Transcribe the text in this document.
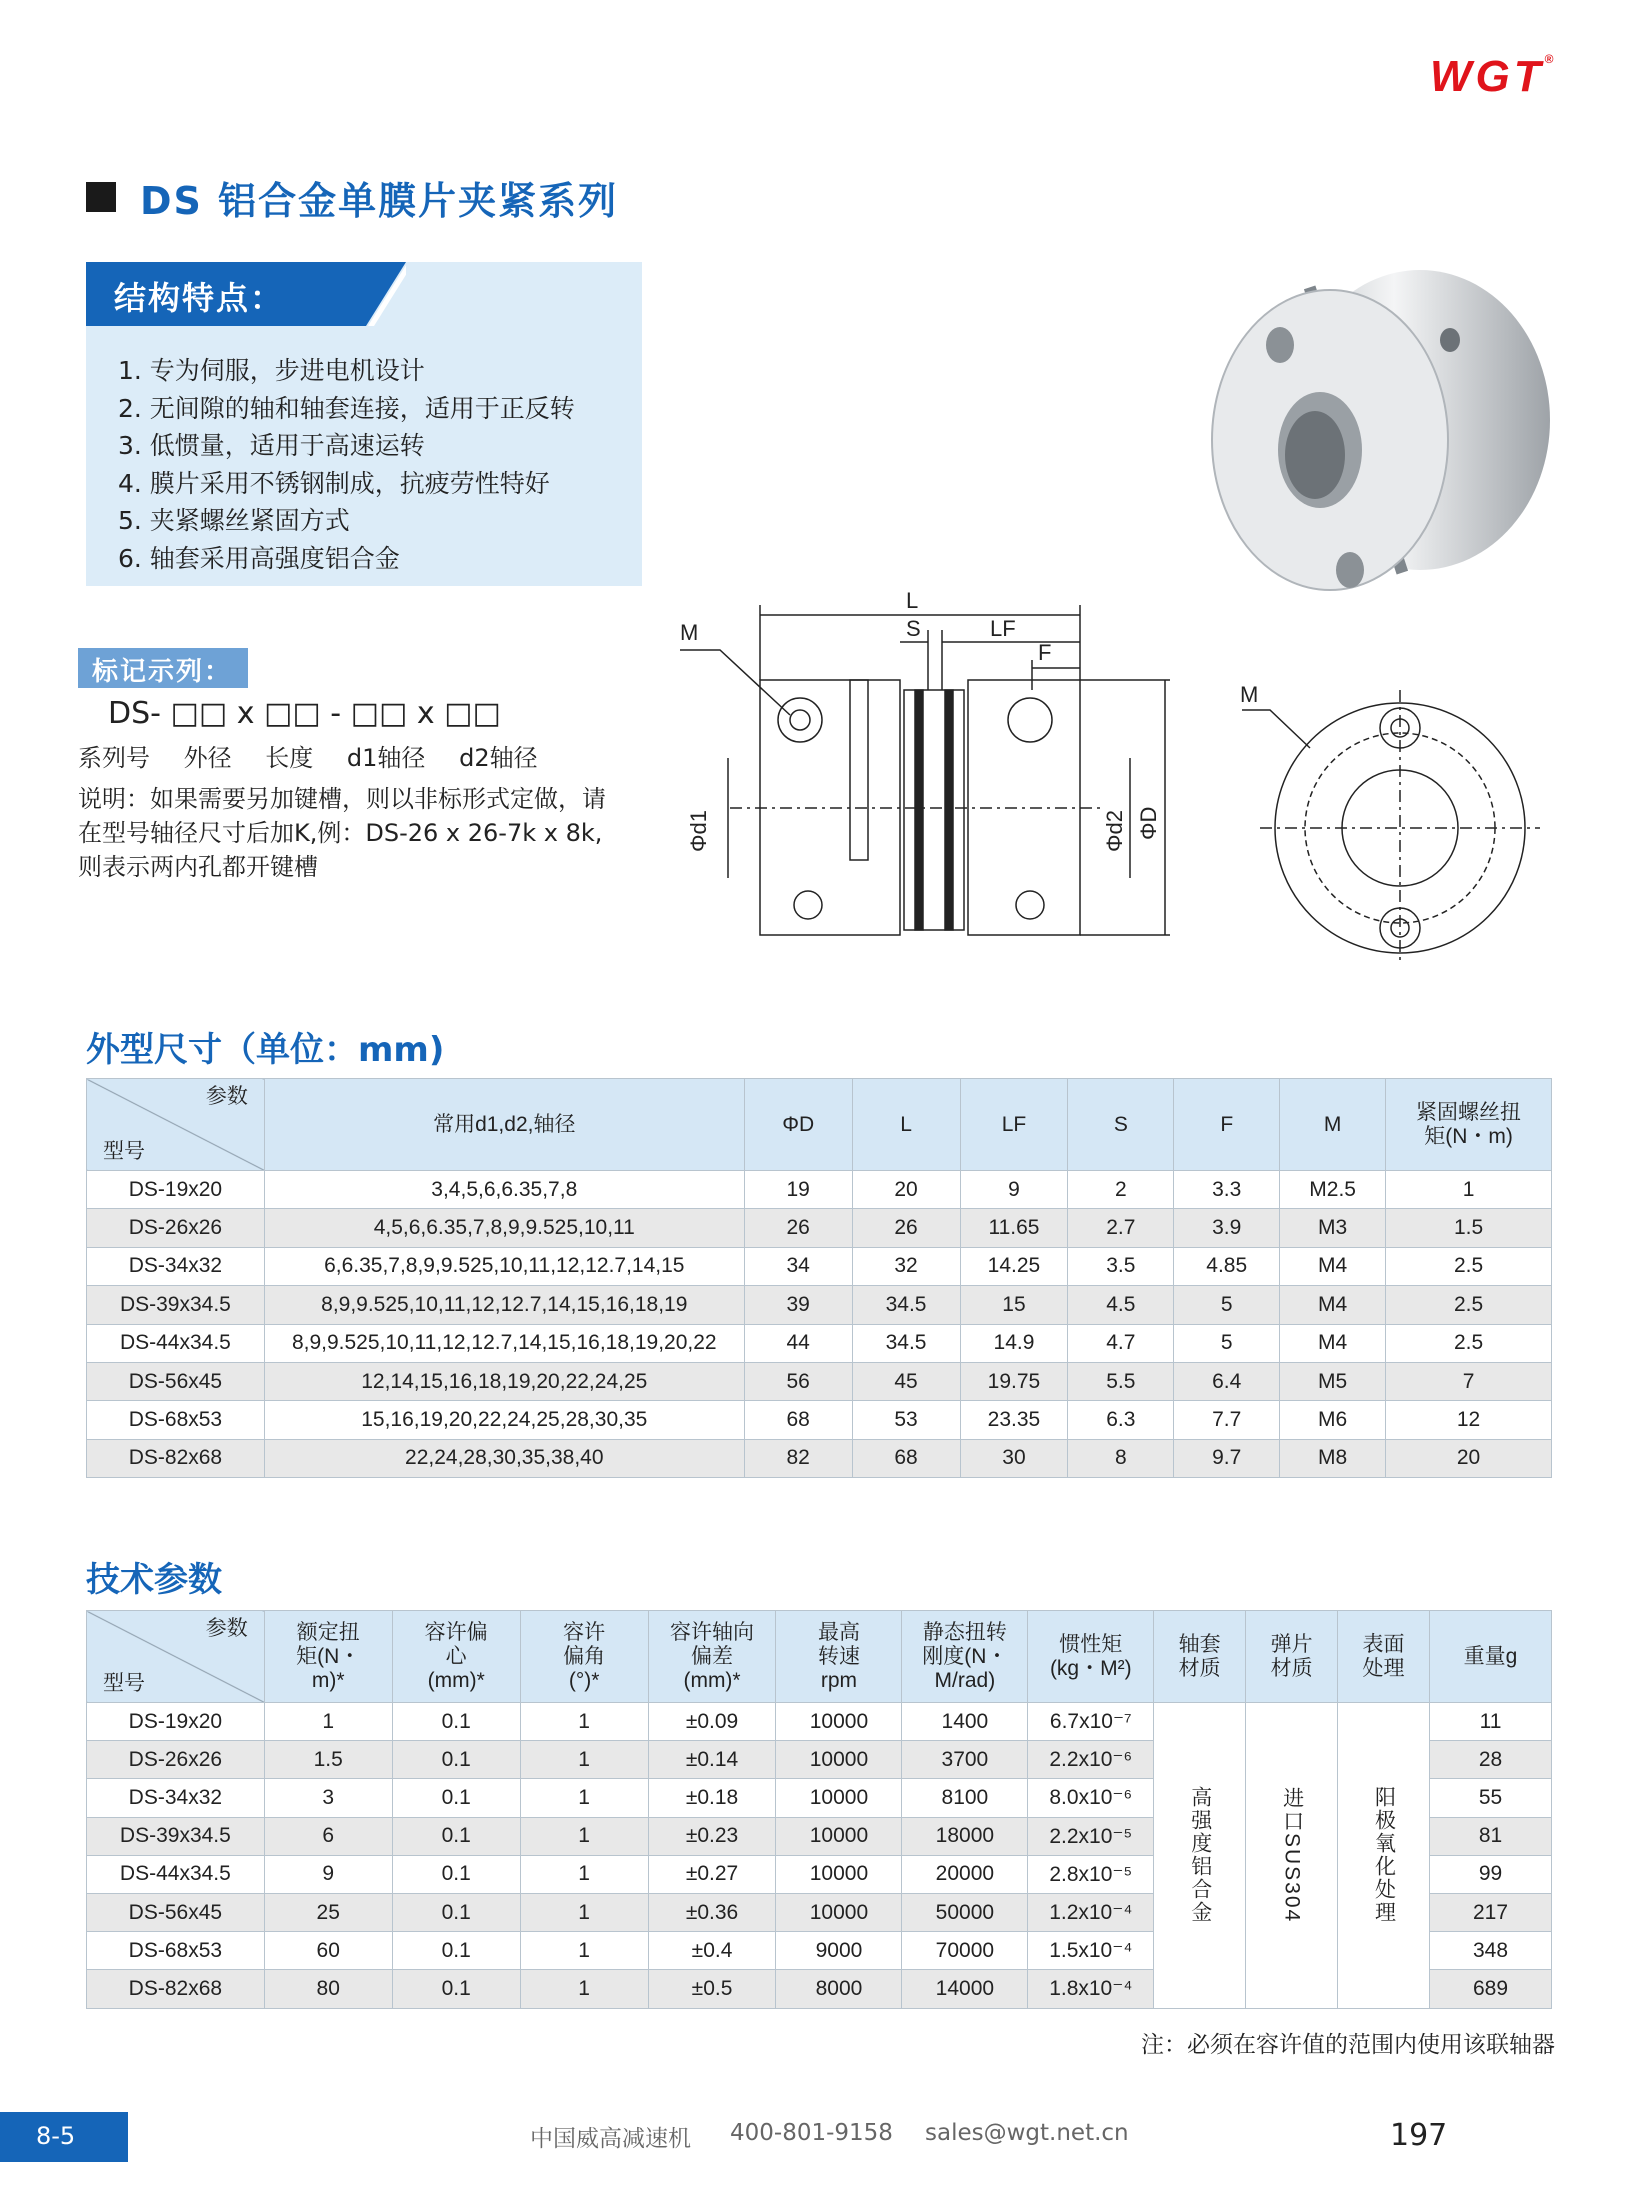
WGT®
DS 铝合金单膜片夹紧系列
结构特点：
1. 专为伺服，步进电机设计
2. 无间隙的轴和轴套连接，适用于正反转
3. 低惯量，适用于高速运转
4. 膜片采用不锈钢制成，抗疲劳性特好
5. 夹紧螺丝紧固方式
6. 轴套采用高强度铝合金
标记示列：
DS- □□ x □□ - □□ x □□
系列号 外径 长度 d1轴径 d2轴径
说明：如果需要另加键槽，则以非标形式定做，请在型号轴径尺寸后加K,例：DS-26 x 26-7k x 8k, 则表示两内孔都开键槽
L
S	LF
F
M
Φd1	Φd2 ΦD
M
外型尺寸（单位：mm)
参数
型号	常用d1,d2,轴径	ΦD	L	LF	S	F	M	紧固螺丝扭矩(N・m)
DS-19x20	3,4,5,6,6.35,7,8	19	20	9	2	3.3	M2.5	1
DS-26x26	4,5,6,6.35,7,8,9,9.525,10,11	26	26	11.65	2.7	3.9	M3	1.5
DS-34x32	6,6.35,7,8,9,9.525,10,11,12,12.7,14,15	34	32	14.25	3.5	4.85	M4	2.5
DS-39x34.5	8,9,9.525,10,11,12,12.7,14,15,16,18,19	39	34.5	15	4.5	5	M4	2.5
DS-44x34.5	8,9,9.525,10,11,12,12.7,14,15,16,18,19,20,22	44	34.5	14.9	4.7	5	M4	2.5
DS-56x45	12,14,15,16,18,19,20,22,24,25	56	45	19.75	5.5	6.4	M5	7
DS-68x53	15,16,19,20,22,24,25,28,30,35	68	53	23.35	6.3	7.7	M6	12
DS-82x68	22,24,28,30,35,38,40	82	68	30	8	9.7	M8	20
技术参数
参数
型号	额定扭矩(N・m)*	容许偏心(mm)*	容许偏角(°)*	容许轴向偏差(mm)*	最高转速rpm	静态扭转刚度(N・M/rad)	惯性矩(kg・M²)	轴套材质	弹片材质	表面处理	重量g
DS-19x20	1	0.1	1	±0.09	10000	1400	6.7x10⁻⁷	高强度铝合金	进口SUS304	阳极氧化处理	11
DS-26x26	1.5	0.1	1	±0.14	10000	3700	2.2x10⁻⁶				28
DS-34x32	3	0.1	1	±0.18	10000	8100	8.0x10⁻⁶				55
DS-39x34.5	6	0.1	1	±0.23	10000	18000	2.2x10⁻⁵				81
DS-44x34.5	9	0.1	1	±0.27	10000	20000	2.8x10⁻⁵				99
DS-56x45	25	0.1	1	±0.36	10000	50000	1.2x10⁻⁴				217
DS-68x53	60	0.1	1	±0.4	9000	70000	1.5x10⁻⁴				348
DS-82x68	80	0.1	1	±0.5	8000	14000	1.8x10⁻⁴				689
注：必须在容许值的范围内使用该联轴器
8-5	中国威高减速机 400-801-9158 sales@wgt.net.cn	197
